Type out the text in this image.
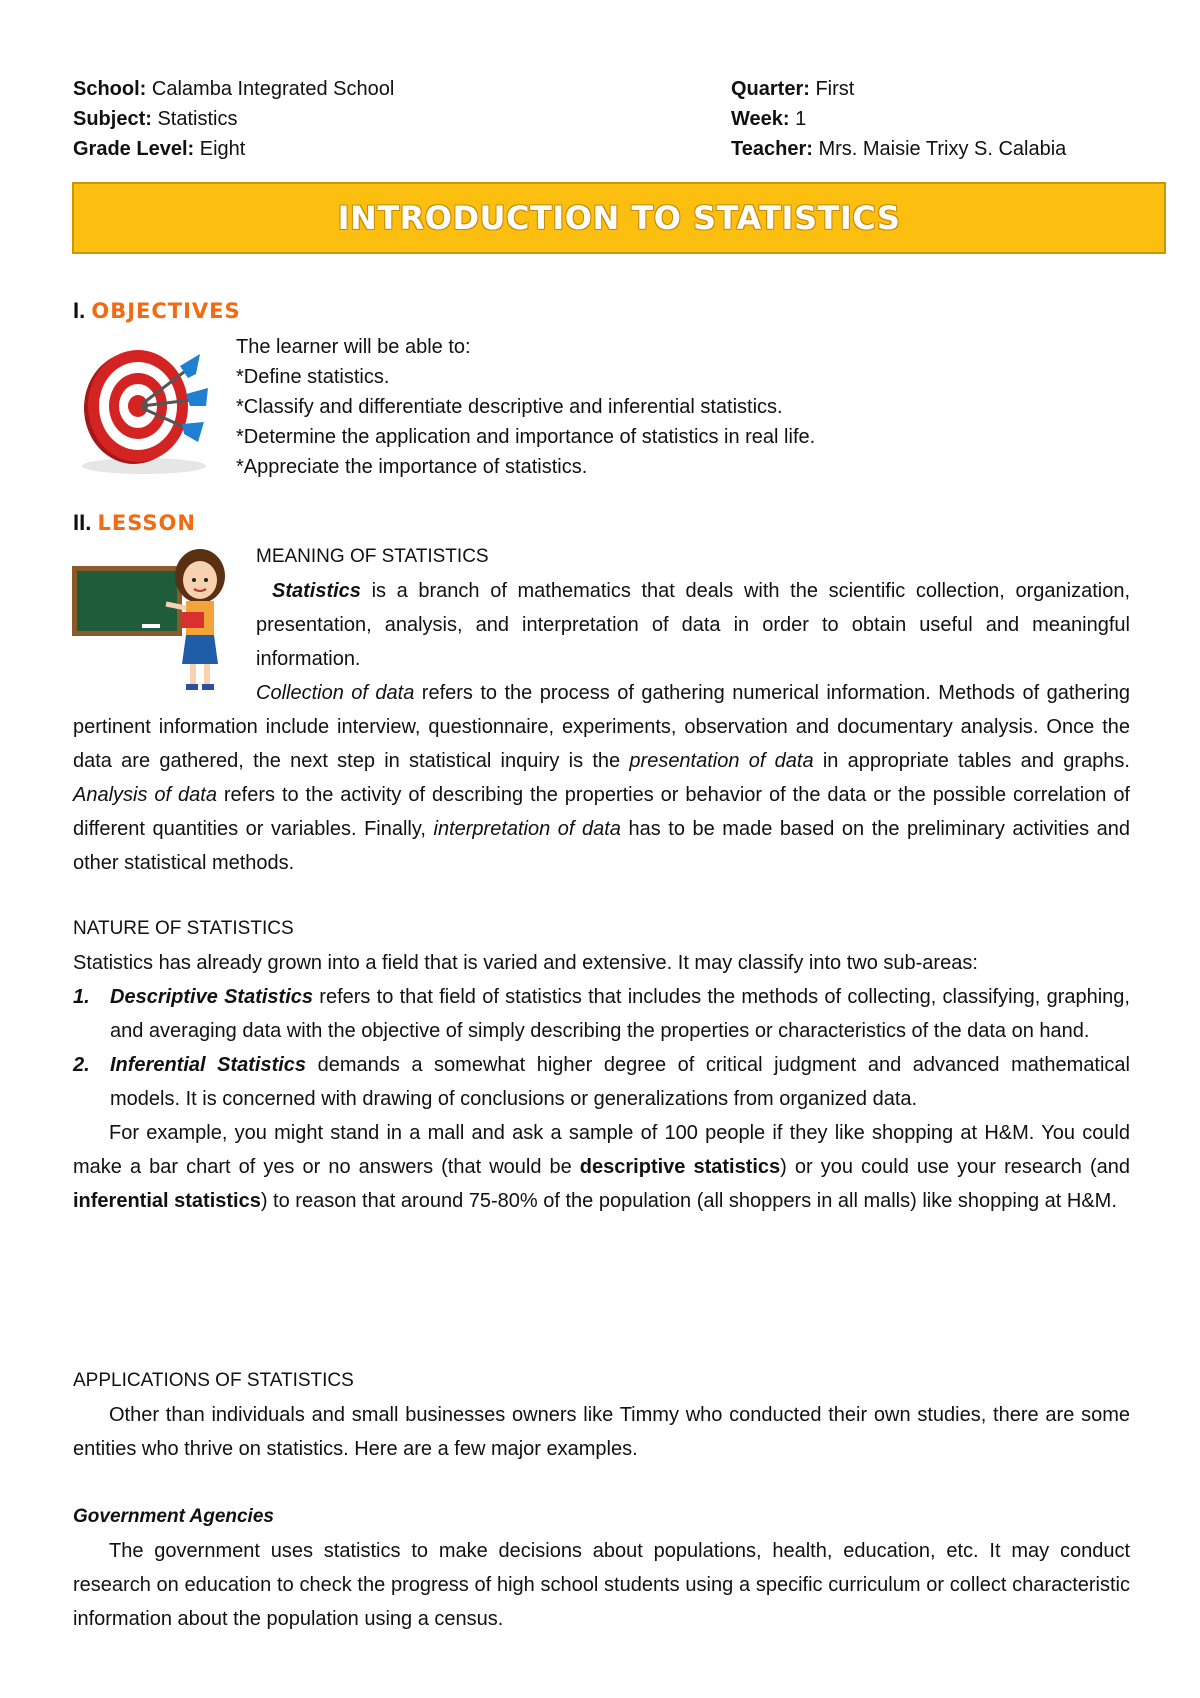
School: Calamba Integrated School
Subject: Statistics
Grade Level: Eight
Quarter: First
Week: 1
Teacher: Mrs. Maisie Trixy S. Calabia
INTRODUCTION TO STATISTICS
I. OBJECTIVES
The learner will be able to:
*Define statistics.
*Classify and differentiate descriptive and inferential statistics.
*Determine the application and importance of statistics in real life.
*Appreciate the importance of statistics.
II. LESSON
MEANING OF STATISTICS

Statistics is a branch of mathematics that deals with the scientific collection, organization, presentation, analysis, and interpretation of data in order to obtain useful and meaningful information.

Collection of data refers to the process of gathering numerical information. Methods of gathering pertinent information include interview, questionnaire, experiments, observation and documentary analysis. Once the data are gathered, the next step in statistical inquiry is the presentation of data in appropriate tables and graphs. Analysis of data refers to the activity of describing the properties or behavior of the data or the possible correlation of different quantities or variables. Finally, interpretation of data has to be made based on the preliminary activities and other statistical methods.

NATURE OF STATISTICS

Statistics has already grown into a field that is varied and extensive. It may classify into two sub-areas:

1. Descriptive Statistics refers to that field of statistics that includes the methods of collecting, classifying, graphing, and averaging data with the objective of simply describing the properties or characteristics of the data on hand.
2. Inferential Statistics demands a somewhat higher degree of critical judgment and advanced mathematical models. It is concerned with drawing of conclusions or generalizations from organized data.

For example, you might stand in a mall and ask a sample of 100 people if they like shopping at H&M. You could make a bar chart of yes or no answers (that would be descriptive statistics) or you could use your research (and inferential statistics) to reason that around 75-80% of the population (all shoppers in all malls) like shopping at H&M.

APPLICATIONS OF STATISTICS

Other than individuals and small businesses owners like Timmy who conducted their own studies, there are some entities who thrive on statistics. Here are a few major examples.

Government Agencies

The government uses statistics to make decisions about populations, health, education, etc. It may conduct research on education to check the progress of high school students using a specific curriculum or collect characteristic information about the population using a census.
